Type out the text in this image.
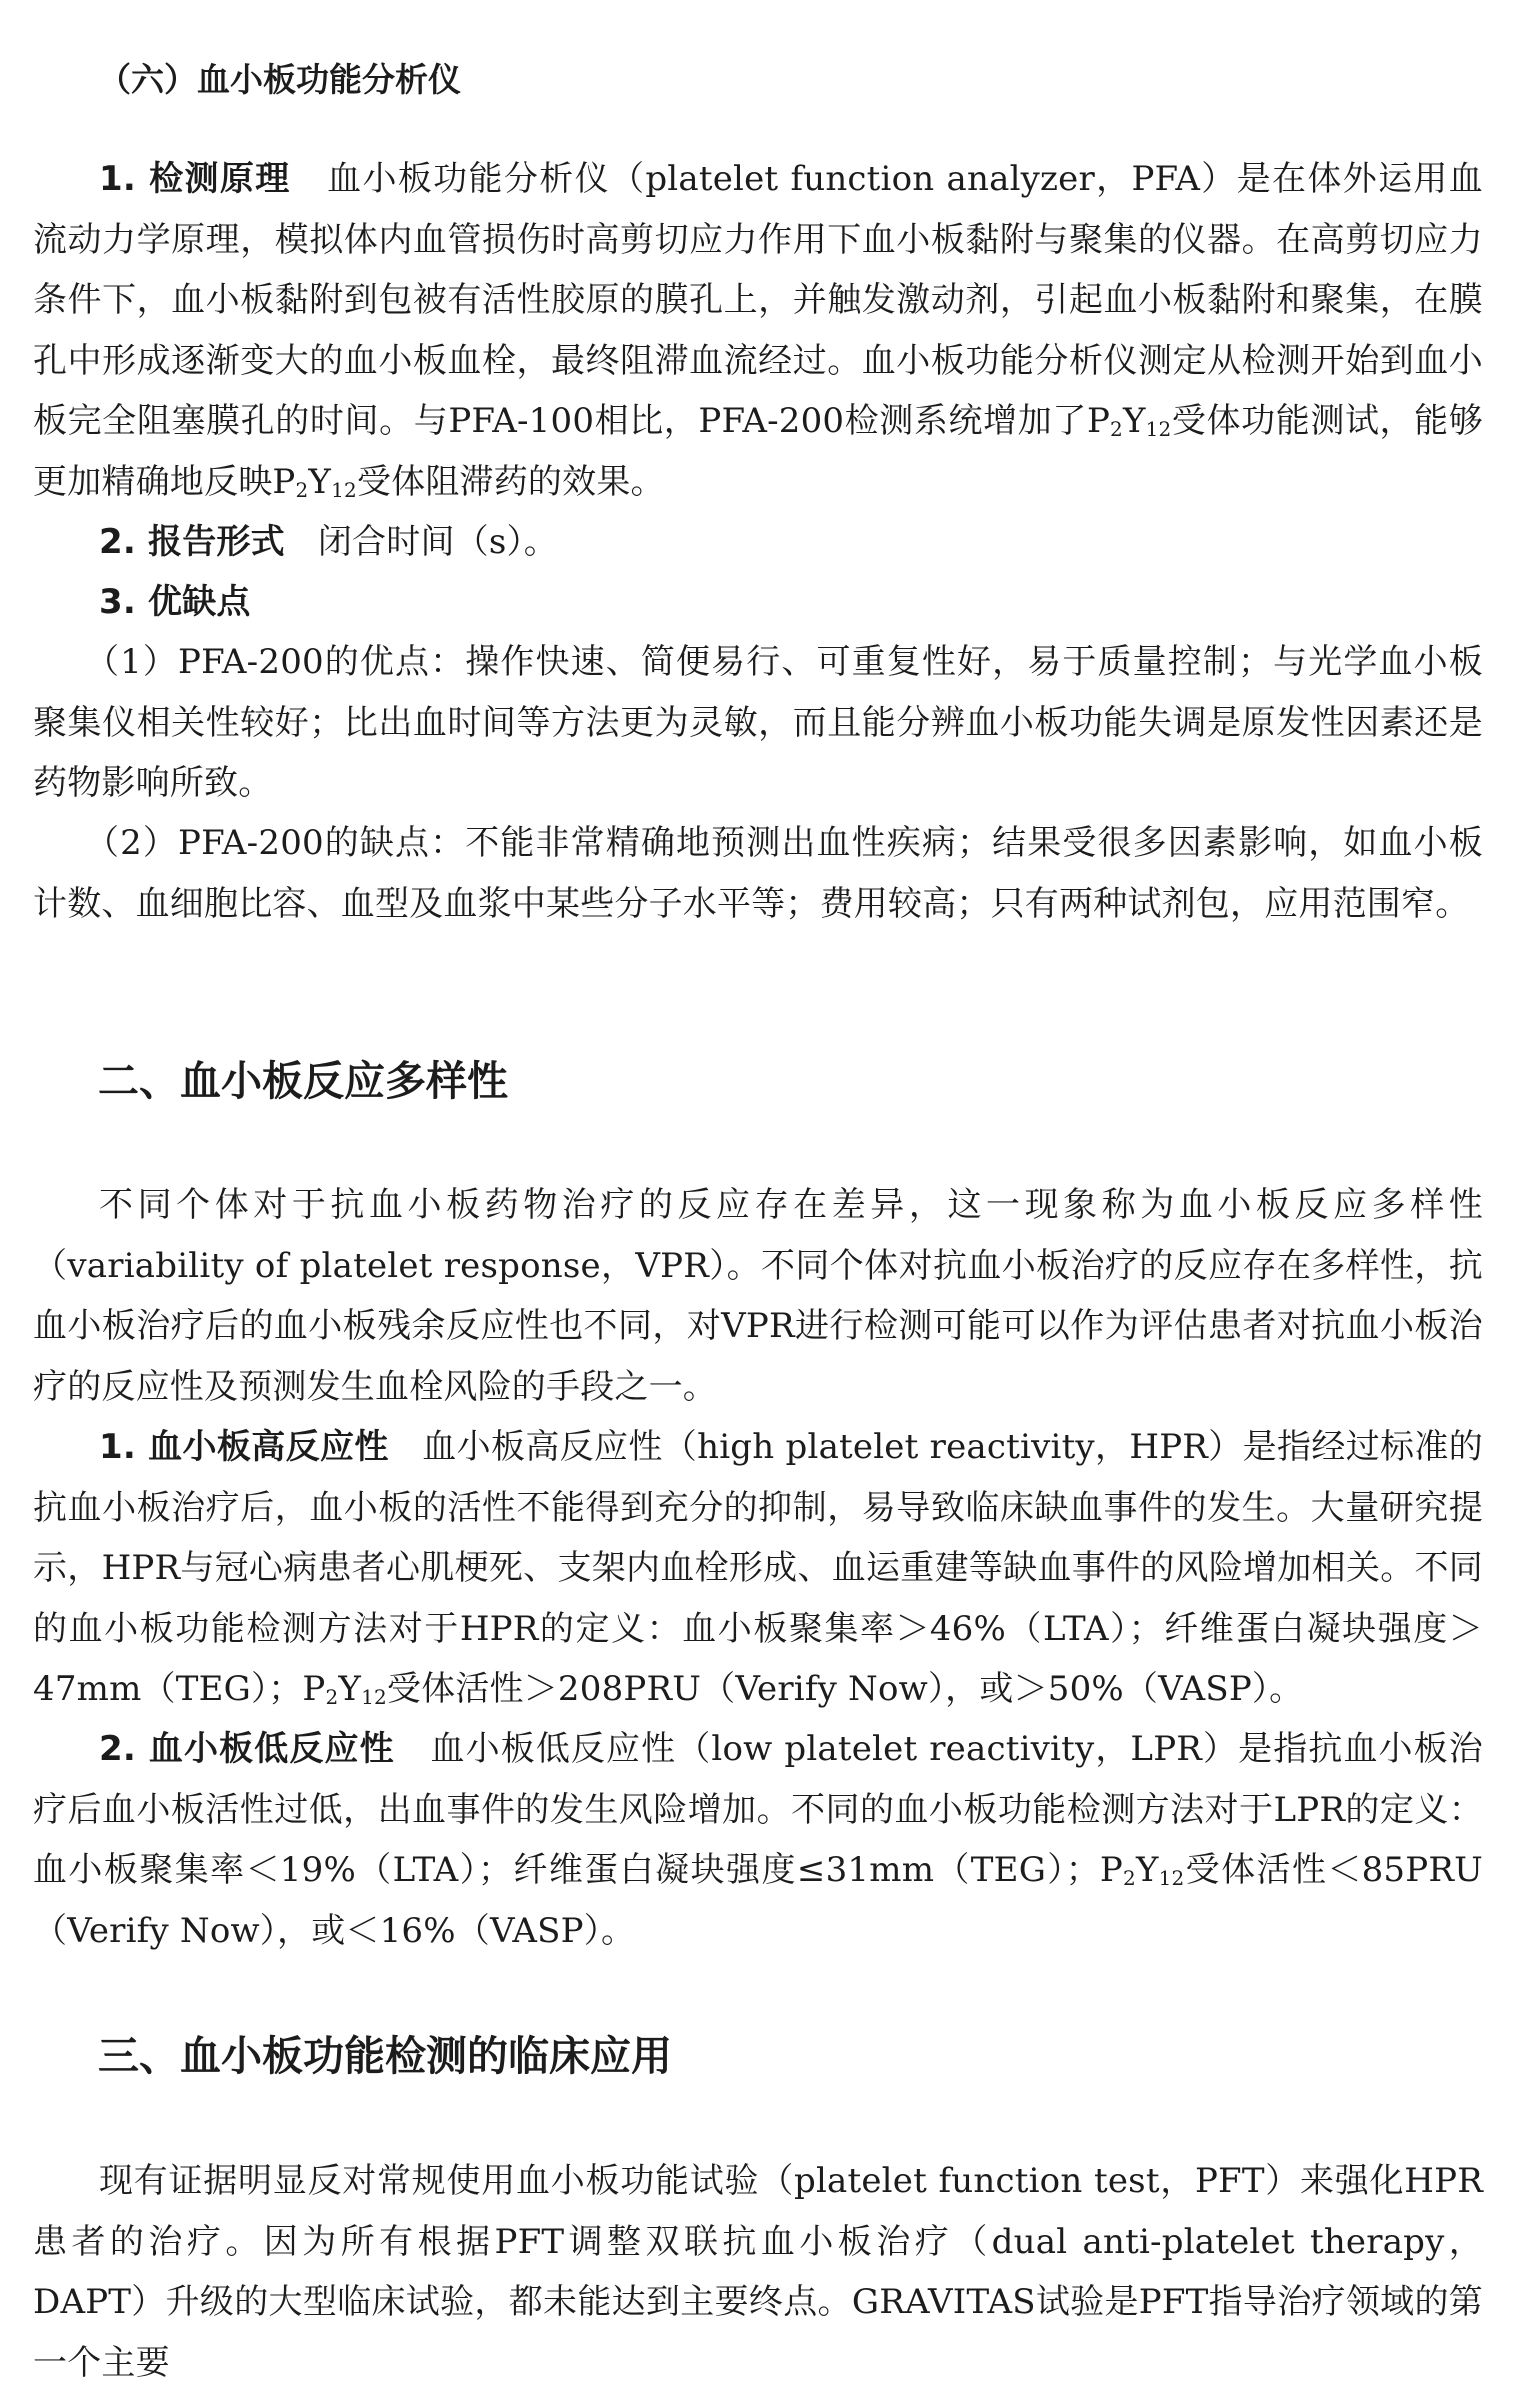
（六）血小板功能分析仪

1. 检测原理 血小板功能分析仪（platelet function analyzer，PFA）是在体外运用血流动力学原理，模拟体内血管损伤时高剪切应力作用下血小板黏附与聚集的仪器。在高剪切应力条件下，血小板黏附到包被有活性胶原的膜孔上，并触发激动剂，引起血小板黏附和聚集，在膜孔中形成逐渐变大的血小板血栓，最终阻滞血流经过。血小板功能分析仪测定从检测开始到血小板完全阻塞膜孔的时间。与PFA-100相比，PFA-200检测系统增加了$P_2Y_{12}$受体功能测试，能够更加精确地反映$P_2Y_{12}$受体阻滞药的效果。

2. 报告形式 闭合时间（s）。

3. 优缺点

（1）PFA-200的优点：操作快速、简便易行、可重复性好，易于质量控制；与光学血小板聚集仪相关性较好；比出血时间等方法更为灵敏，而且能分辨血小板功能失调是原发性因素还是药物影响所致。

（2）PFA-200的缺点：不能非常精确地预测出血性疾病；结果受很多因素影响，如血小板计数、血细胞比容、血型及血浆中某些分子水平等；费用较高；只有两种试剂包，应用范围窄。

二、血小板反应多样性

不同个体对于抗血小板药物治疗的反应存在差异，这一现象称为血小板反应多样性（variability of platelet response，VPR）。不同个体对抗血小板治疗的反应存在多样性，抗血小板治疗后的血小板残余反应性也不同，对VPR进行检测可能可以作为评估患者对抗血小板治疗的反应性及预测发生血栓风险的手段之一。

1. 血小板高反应性 血小板高反应性（high platelet reactivity，HPR）是指经过标准的抗血小板治疗后，血小板的活性不能得到充分的抑制，易导致临床缺血事件的发生。大量研究提示，HPR与冠心病患者心肌梗死、支架内血栓形成、血运重建等缺血事件的风险增加相关。不同的血小板功能检测方法对于HPR的定义：血小板聚集率＞46%（LTA）；纤维蛋白凝块强度＞47mm（TEG）；$P_2Y_{12}$受体活性＞208PRU（Verify Now），或＞50%（VASP）。

2. 血小板低反应性 血小板低反应性（low platelet reactivity，LPR）是指抗血小板治疗后血小板活性过低，出血事件的发生风险增加。不同的血小板功能检测方法对于LPR的定义：血小板聚集率＜19%（LTA）；纤维蛋白凝块强度≤31mm（TEG）；$P_2Y_{12}$受体活性＜85PRU（Verify Now），或＜16%（VASP）。

三、血小板功能检测的临床应用

现有证据明显反对常规使用血小板功能试验（platelet function test，PFT）来强化HPR患者的治疗。因为所有根据PFT调整双联抗血小板治疗（dual anti-platelet therapy，DAPT）升级的大型临床试验，都未能达到主要终点。GRAVITAS试验是PFT指导治疗领域的第一个主要
